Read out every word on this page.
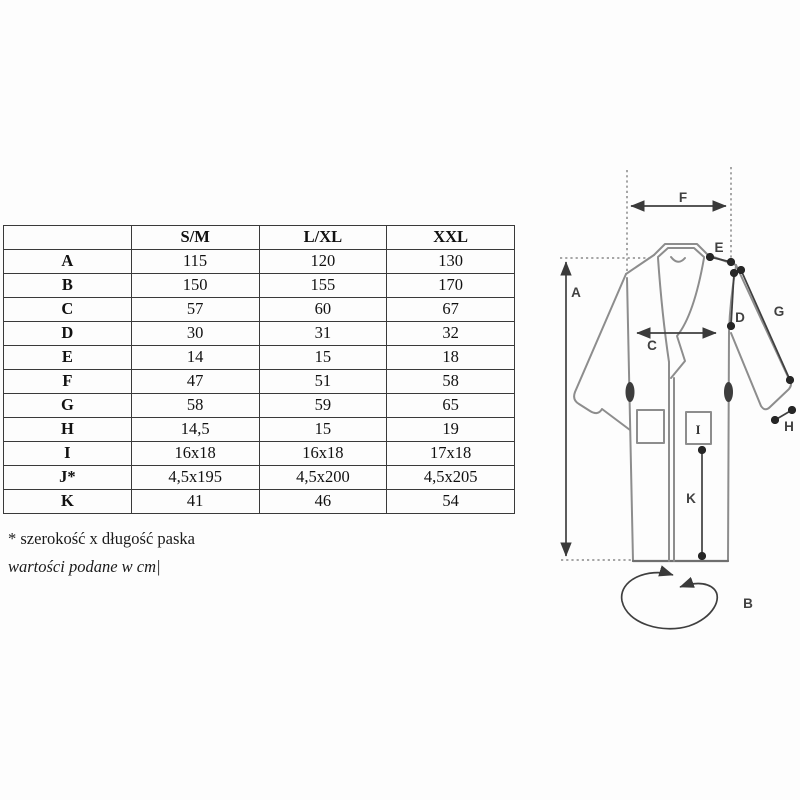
	S/M	L/XL	XXL
A	115	120	130
B	150	155	170
C	57	60	67
D	30	31	32
E	14	15	18
F	47	51	58
G	58	59	65
H	14,5	15	19
I	16x18	16x18	17x18
J*	4,5x195	4,5x200	4,5x205
K	41	46	54
* szerokość x długość paska
wartości podane w cm|
F
E
A
D G
C
H
I
K
B
